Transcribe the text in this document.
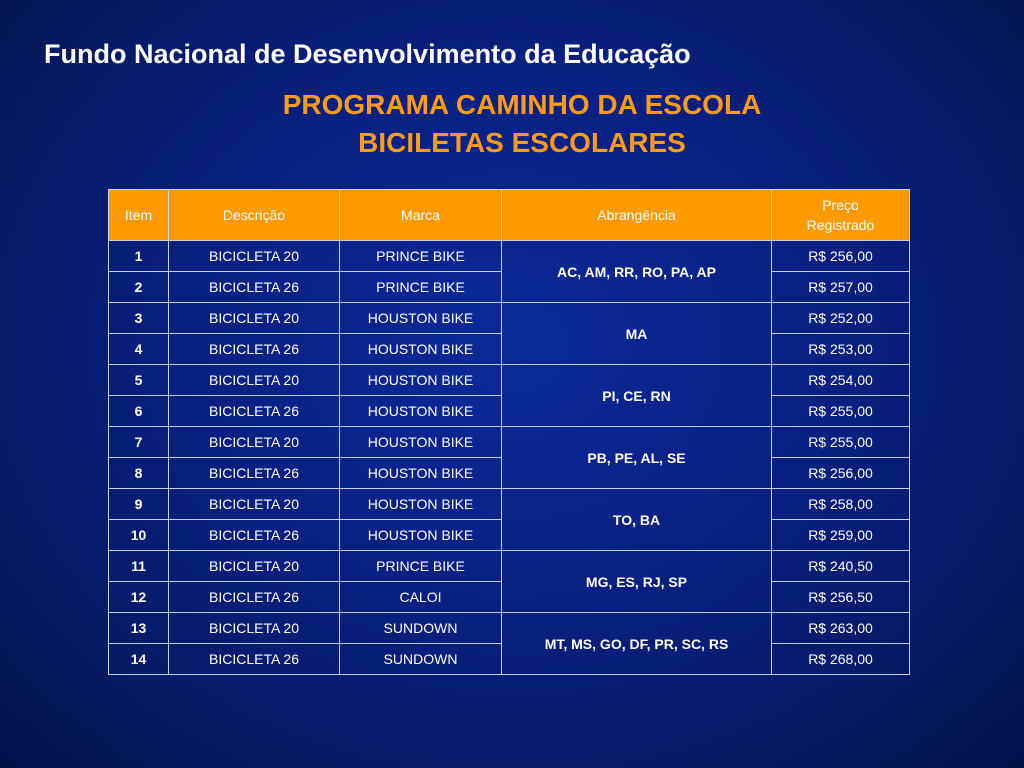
Fundo Nacional de Desenvolvimento da Educação
PROGRAMA CAMINHO DA ESCOLA
BICILETAS ESCOLARES
Item	Descrição	Marca	Abrangência	Preço
Registrado
1	BICICLETA 20	PRINCE BIKE	AC, AM, RR, RO, PA, AP	R$ 256,00
2	BICICLETA 26	PRINCE BIKE		R$ 257,00
3	BICICLETA 20	HOUSTON BIKE	MA	R$ 252,00
4	BICICLETA 26	HOUSTON BIKE		R$ 253,00
5	BICICLETA 20	HOUSTON BIKE	PI, CE, RN	R$ 254,00
6	BICICLETA 26	HOUSTON BIKE		R$ 255,00
7	BICICLETA 20	HOUSTON BIKE	PB, PE, AL, SE	R$ 255,00
8	BICICLETA 26	HOUSTON BIKE		R$ 256,00
9	BICICLETA 20	HOUSTON BIKE	TO, BA	R$ 258,00
10	BICICLETA 26	HOUSTON BIKE		R$ 259,00
11	BICICLETA 20	PRINCE BIKE	MG, ES, RJ, SP	R$ 240,50
12	BICICLETA 26	CALOI		R$ 256,50
13	BICICLETA 20	SUNDOWN	MT, MS, GO, DF, PR, SC, RS	R$ 263,00
14	BICICLETA 26	SUNDOWN		R$ 268,00
